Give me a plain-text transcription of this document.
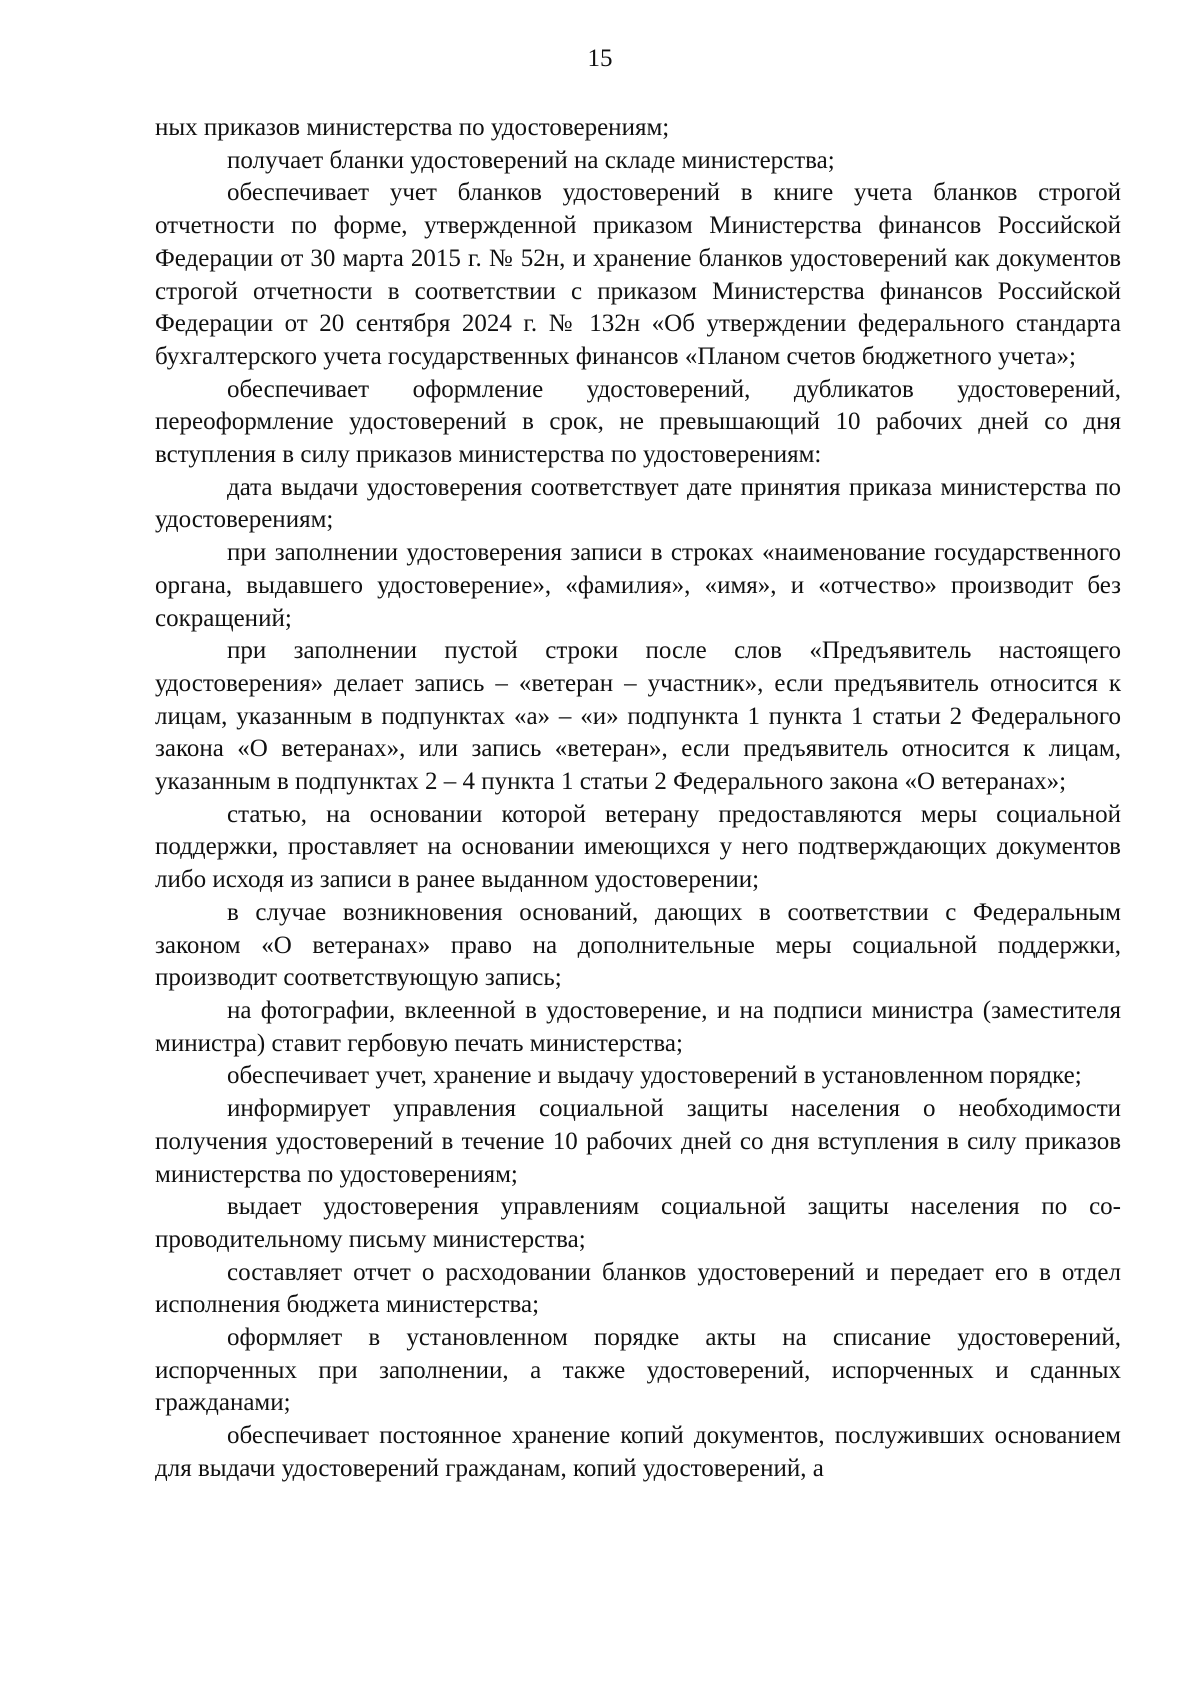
15

ных приказов министерства по удостоверениям;

получает бланки удостоверений на складе министерства;

обеспечивает учет бланков удостоверений в книге учета бланков строгой отчетности по форме, утвержденной приказом Министерства финансов Российской Федерации от 30 марта 2015 г. № 52н, и хранение бланков удостоверений как документов строгой отчетности в соответствии с приказом Министерства финансов Российской Федерации от 20 сентября 2024 г. № 132н «Об утверждении федерального стандарта бухгалтерского учета государственных финансов «Планом счетов бюджетного учета»;

обеспечивает оформление удостоверений, дубликатов удостоверений, переоформление удостоверений в срок, не превышающий 10 рабочих дней со дня вступления в силу приказов министерства по удостоверениям:

дата выдачи удостоверения соответствует дате принятия приказа министерства по удостоверениям;

при заполнении удостоверения записи в строках «наименование государственного органа, выдавшего удостоверение», «фамилия», «имя», и «отчество» производит без сокращений;

при заполнении пустой строки после слов «Предъявитель настоящего удостоверения» делает запись – «ветеран – участник», если предъявитель относится к лицам, указанным в подпунктах «а» – «и» подпункта 1 пункта 1 статьи 2 Федерального закона «О ветеранах», или запись «ветеран», если предъявитель относится к лицам, указанным в подпунктах 2 – 4 пункта 1 статьи 2 Федерального закона «О ветеранах»;

статью, на основании которой ветерану предоставляются меры социальной поддержки, проставляет на основании имеющихся у него подтверждающих документов либо исходя из записи в ранее выданном удостоверении;

в случае возникновения оснований, дающих в соответствии с Федеральным законом «О ветеранах» право на дополнительные меры социальной поддержки, производит соответствующую запись;

на фотографии, вклеенной в удостоверение, и на подписи министра (заместителя министра) ставит гербовую печать министерства;

обеспечивает учет, хранение и выдачу удостоверений в установленном порядке;

информирует управления социальной защиты населения о необходимости получения удостоверений в течение 10 рабочих дней со дня вступления в силу приказов министерства по удостоверениям;

выдает удостоверения управлениям социальной защиты населения по сопроводительному письму министерства;

составляет отчет о расходовании бланков удостоверений и передает его в отдел исполнения бюджета министерства;

оформляет в установленном порядке акты на списание удостоверений, испорченных при заполнении, а также удостоверений, испорченных и сданных гражданами;

обеспечивает постоянное хранение копий документов, послуживших основанием для выдачи удостоверений гражданам, копий удостоверений, а
